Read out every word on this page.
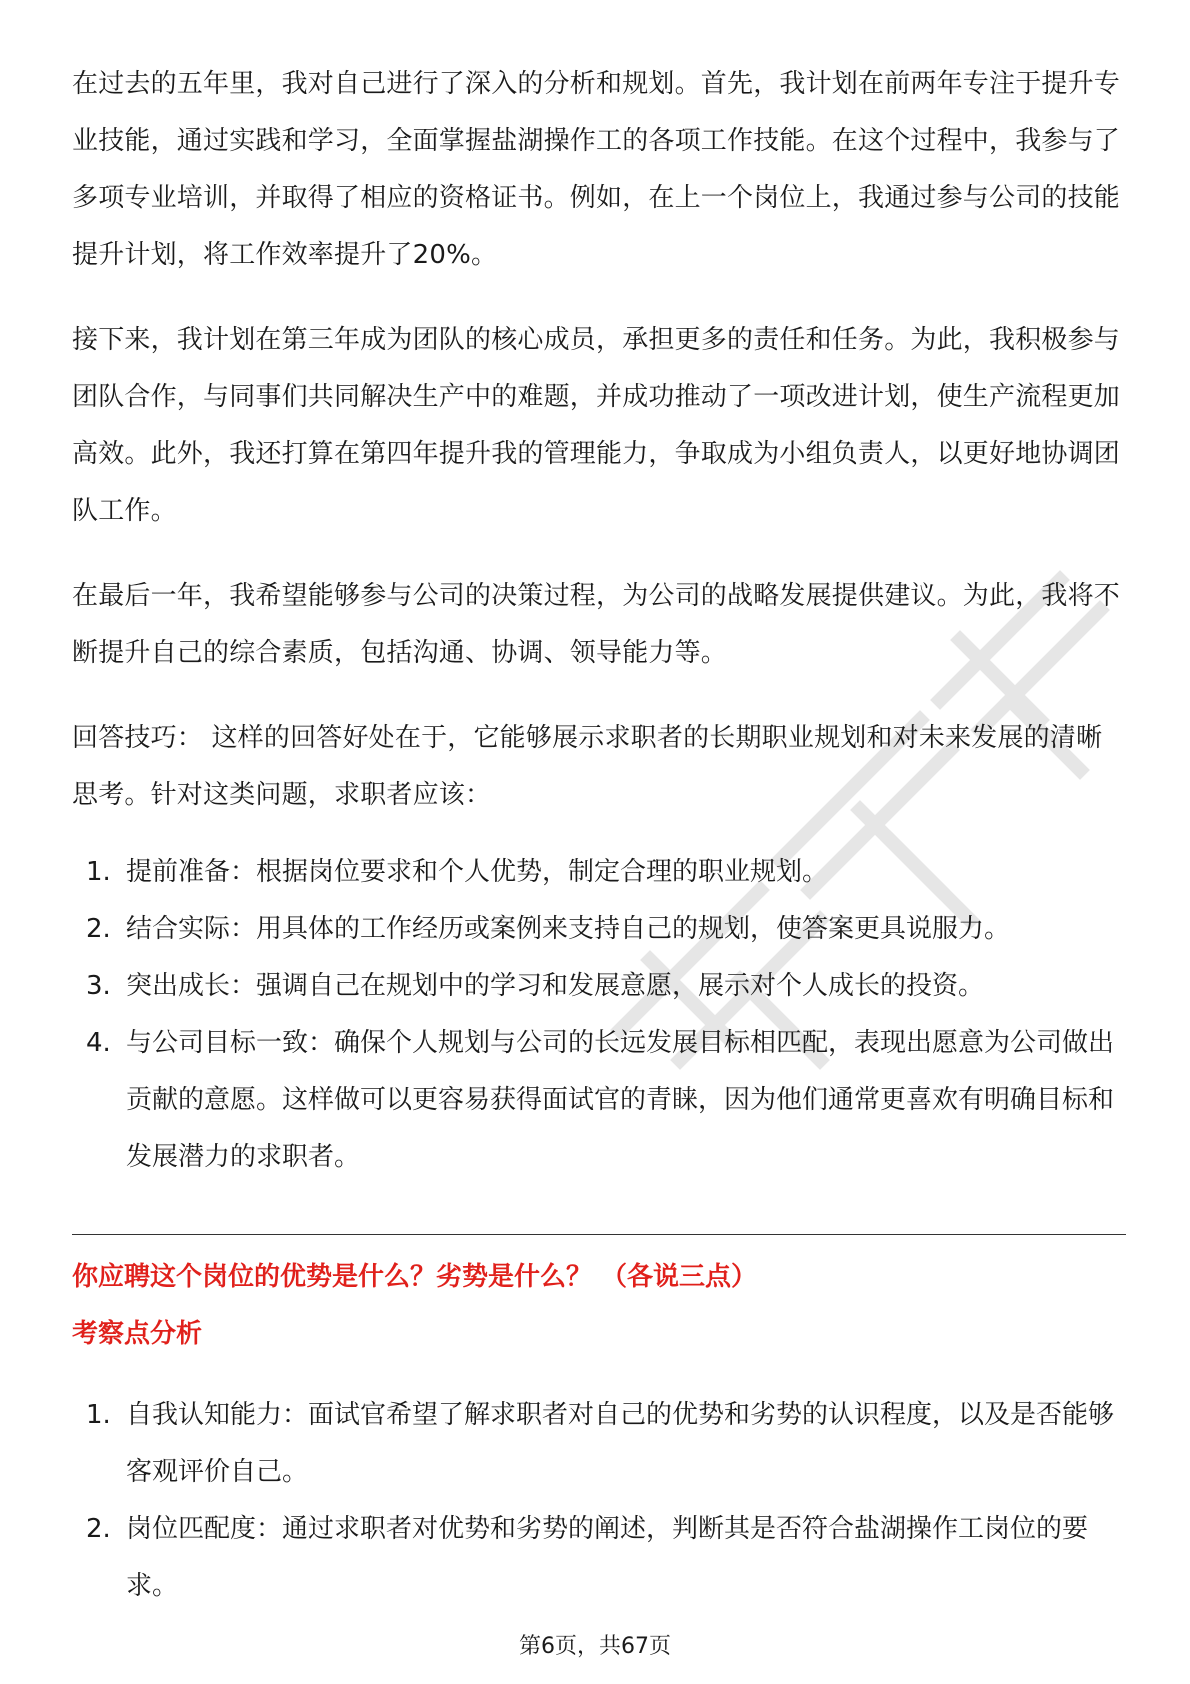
在过去的五年里，我对自己进行了深入的分析和规划。首先，我计划在前两年专注于提升专业技能，通过实践和学习，全面掌握盐湖操作工的各项工作技能。在这个过程中，我参与了多项专业培训，并取得了相应的资格证书。例如，在上一个岗位上，我通过参与公司的技能提升计划，将工作效率提升了20%。

接下来，我计划在第三年成为团队的核心成员，承担更多的责任和任务。为此，我积极参与团队合作，与同事们共同解决生产中的难题，并成功推动了一项改进计划，使生产流程更加高效。此外，我还打算在第四年提升我的管理能力，争取成为小组负责人，以更好地协调团队工作。

在最后一年，我希望能够参与公司的决策过程，为公司的战略发展提供建议。为此，我将不断提升自己的综合素质，包括沟通、协调、领导能力等。

回答技巧： 这样的回答好处在于，它能够展示求职者的长期职业规划和对未来发展的清晰思考。针对这类问题，求职者应该：

1. 提前准备：根据岗位要求和个人优势，制定合理的职业规划。
2. 结合实际：用具体的工作经历或案例来支持自己的规划，使答案更具说服力。
3. 突出成长：强调自己在规划中的学习和发展意愿，展示对个人成长的投资。
4. 与公司目标一致：确保个人规划与公司的长远发展目标相匹配，表现出愿意为公司做出贡献的意愿。这样做可以更容易获得面试官的青睐，因为他们通常更喜欢有明确目标和发展潜力的求职者。

你应聘这个岗位的优势是什么？劣势是什么？ （各说三点）

考察点分析

1. 自我认知能力：面试官希望了解求职者对自己的优势和劣势的认识程度，以及是否能够客观评价自己。
2. 岗位匹配度：通过求职者对优势和劣势的阐述，判断其是否符合盐湖操作工岗位的要求。
第6页，共67页
